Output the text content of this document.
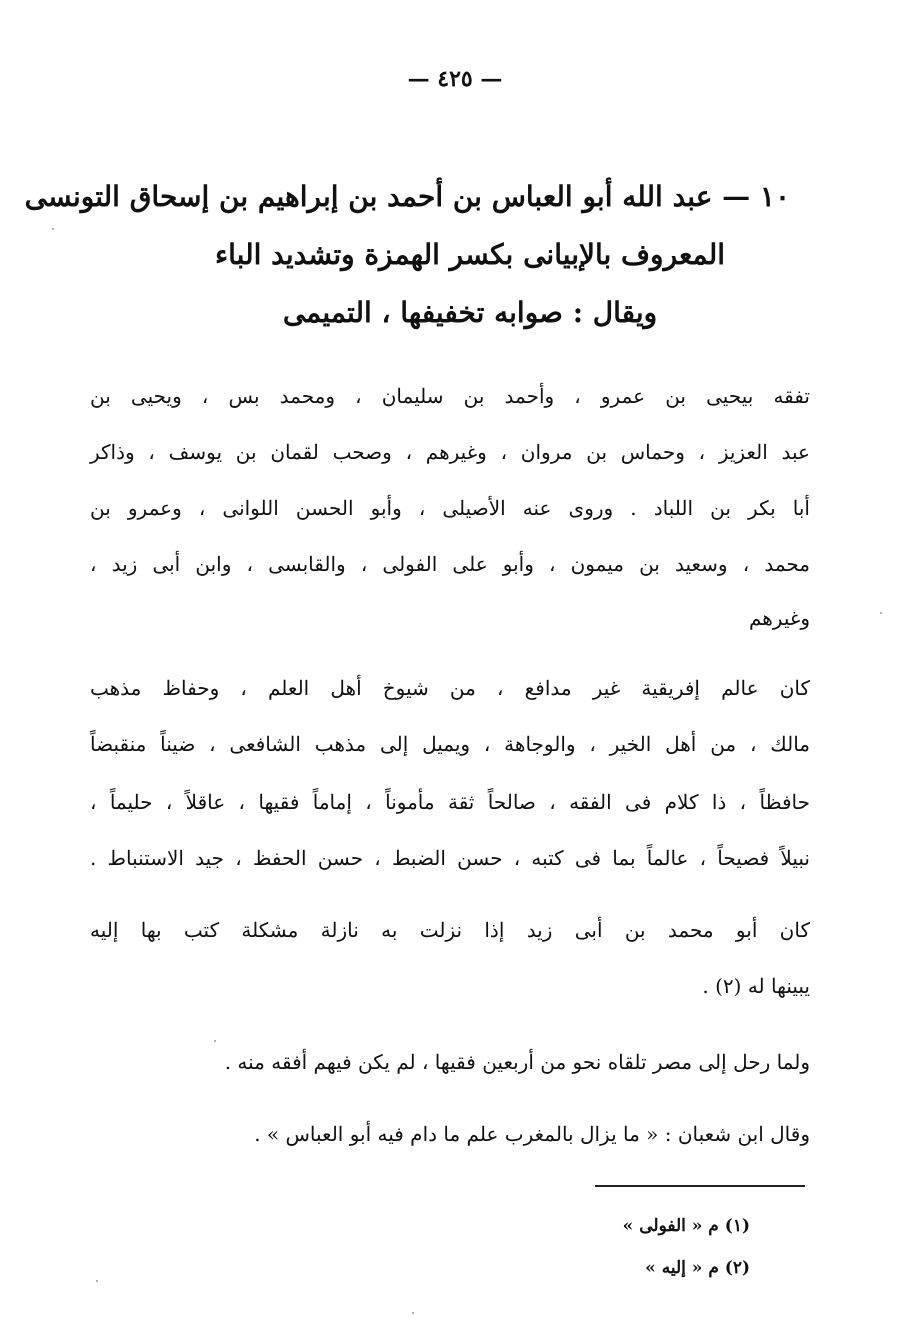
— ٤٢٥ —
١٠ — عبد الله أبو العباس بن أحمد بن إبراهيم بن إسحاق التونسى
المعروف بالإبيانى بكسر الهمزة وتشديد الباء
ويقال : صوابه تخفيفها ، التميمى
تفقه بيحيى بن عمرو ، وأحمد بن سليمان ، ومحمد بس ، ويحيى بن
عبد العزيز ، وحماس بن مروان ، وغيرهم ، وصحب لقمان بن يوسف ، وذاكر
أبا بكر بن اللباد . وروى عنه الأصيلى ، وأبو الحسن اللوانى ، وعمرو بن
محمد ، وسعيد بن ميمون ، وأبو على الفولى ، والقابسى ، وابن أبى زيد ،
وغيرهم
كان عالم إفريقية غير مدافع ، من شيوخ أهل العلم ، وحفاظ مذهب
مالك ، من أهل الخير ، والوجاهة ، ويميل إلى مذهب الشافعى ، ضيناً منقبضاً
حافظاً ، ذا كلام فى الفقه ، صالحاً ثقة مأموناً ، إماماً فقيها ، عاقلاً ، حليماً ،
نبيلاً فصيحاً ، عالماً بما فى كتبه ، حسن الضبط ، حسن الحفظ ، جيد الاستنباط .
كان أبو محمد بن أبى زيد إذا نزلت به نازلة مشكلة كتب بها إليه
يبينها له (٢) .
ولما رحل إلى مصر تلقاه نحو من أربعين فقيها ، لم يكن فيهم أفقه منه .
وقال ابن شعبان : « ما يزال بالمغرب علم ما دام فيه أبو العباس » .
(١) م « الفولى »
(٢) م « إليه »
